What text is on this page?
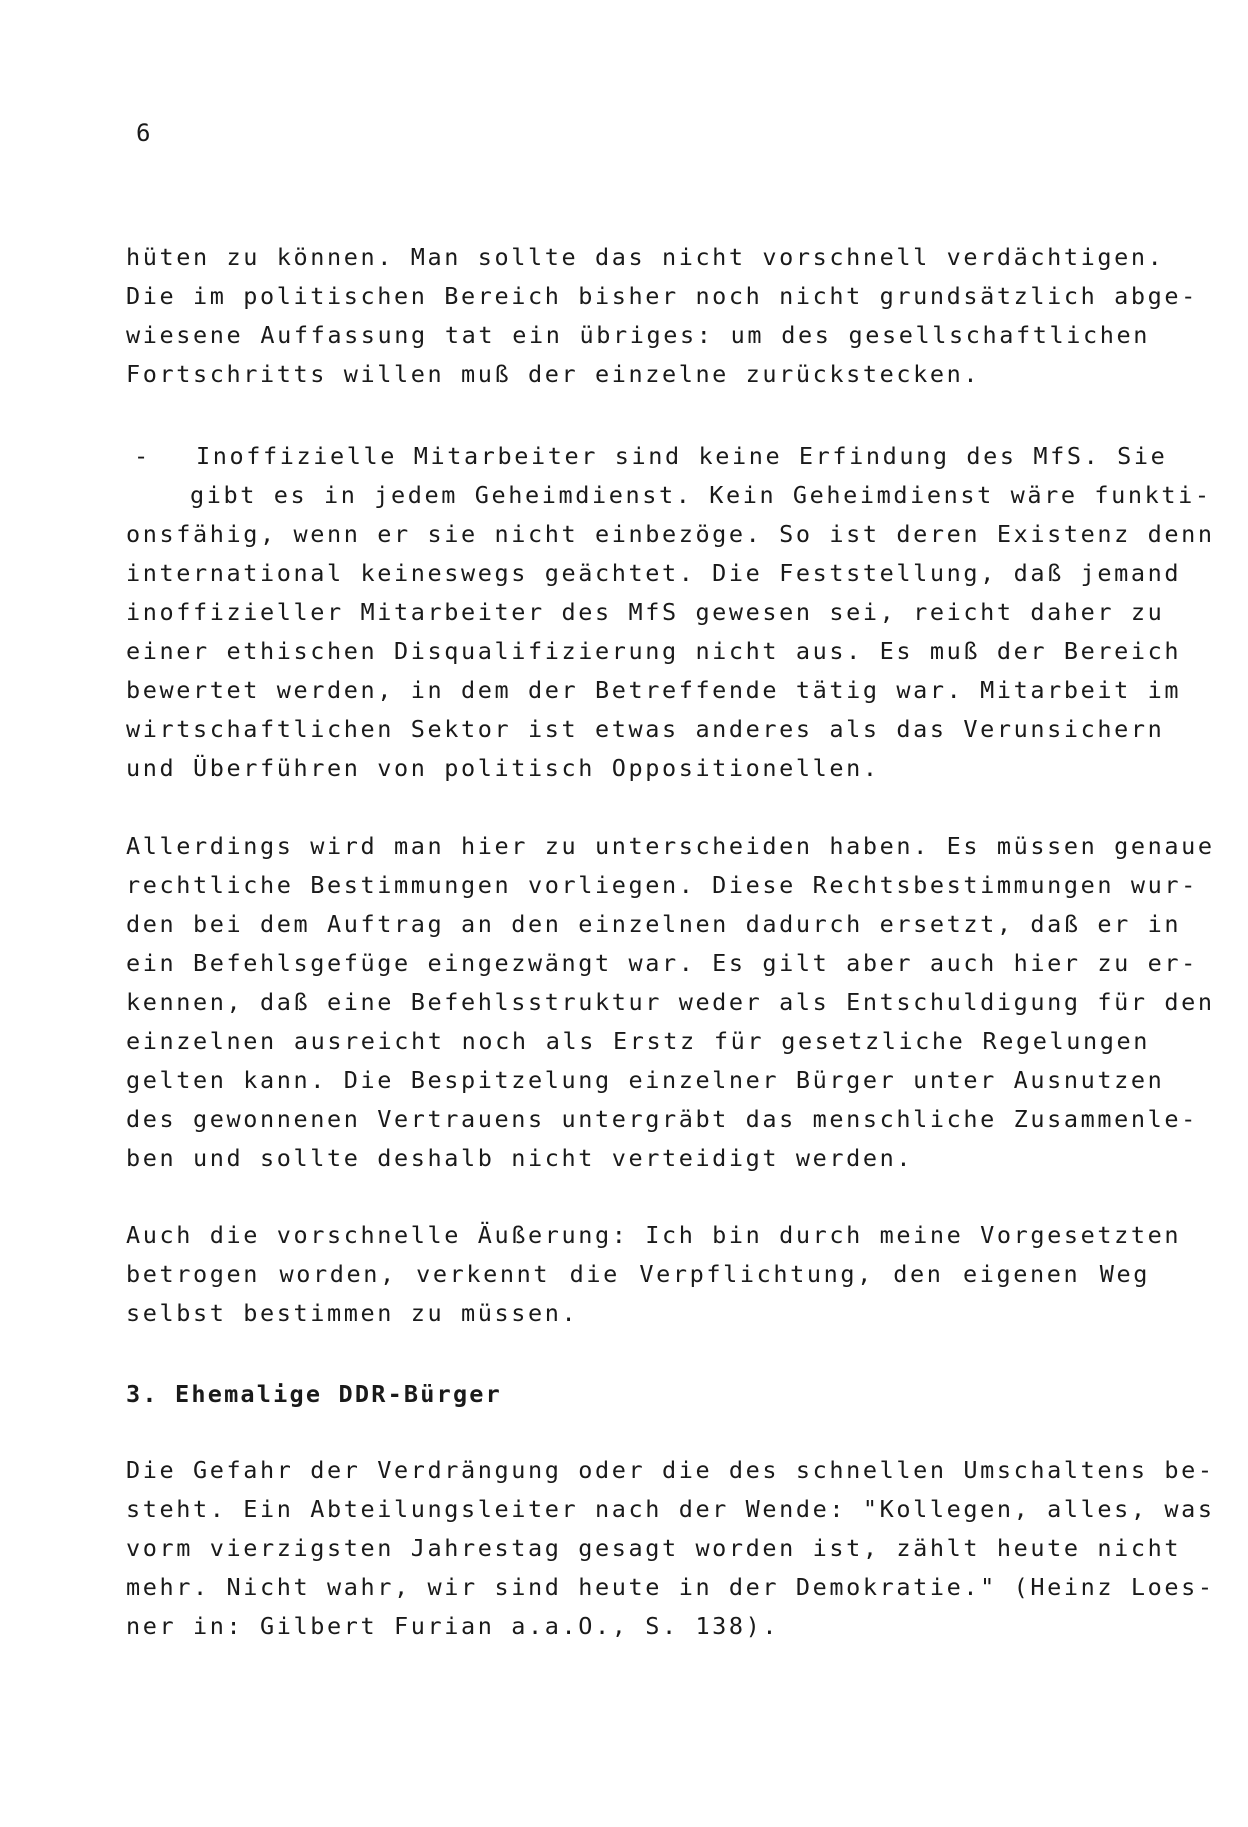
6
hüten zu können. Man sollte das nicht vorschnell verdächtigen.
Die im politischen Bereich bisher noch nicht grundsätzlich abge-
wiesene Auffassung tat ein übriges: um des gesellschaftlichen
Fortschritts willen muß der einzelne zurückstecken.
- Inoffizielle Mitarbeiter sind keine Erfindung des MfS. Sie
gibt es in jedem Geheimdienst. Kein Geheimdienst wäre funkti-
onsfähig, wenn er sie nicht einbezöge. So ist deren Existenz denn
international keineswegs geächtet. Die Feststellung, daß jemand
inoffizieller Mitarbeiter des MfS gewesen sei, reicht daher zu
einer ethischen Disqualifizierung nicht aus. Es muß der Bereich
bewertet werden, in dem der Betreffende tätig war. Mitarbeit im
wirtschaftlichen Sektor ist etwas anderes als das Verunsichern
und Überführen von politisch Oppositionellen.
Allerdings wird man hier zu unterscheiden haben. Es müssen genaue
rechtliche Bestimmungen vorliegen. Diese Rechtsbestimmungen wur-
den bei dem Auftrag an den einzelnen dadurch ersetzt, daß er in
ein Befehlsgefüge eingezwängt war. Es gilt aber auch hier zu er-
kennen, daß eine Befehlsstruktur weder als Entschuldigung für den
einzelnen ausreicht noch als Erstz für gesetzliche Regelungen
gelten kann. Die Bespitzelung einzelner Bürger unter Ausnutzen
des gewonnenen Vertrauens untergräbt das menschliche Zusammenle-
ben und sollte deshalb nicht verteidigt werden.
Auch die vorschnelle Äußerung: Ich bin durch meine Vorgesetzten
betrogen worden, verkennt die Verpflichtung, den eigenen Weg
selbst bestimmen zu müssen.
3. Ehemalige DDR-Bürger
Die Gefahr der Verdrängung oder die des schnellen Umschaltens be-
steht. Ein Abteilungsleiter nach der Wende: "Kollegen, alles, was
vorm vierzigsten Jahrestag gesagt worden ist, zählt heute nicht
mehr. Nicht wahr, wir sind heute in der Demokratie." (Heinz Loes-
ner in: Gilbert Furian a.a.O., S. 138).
